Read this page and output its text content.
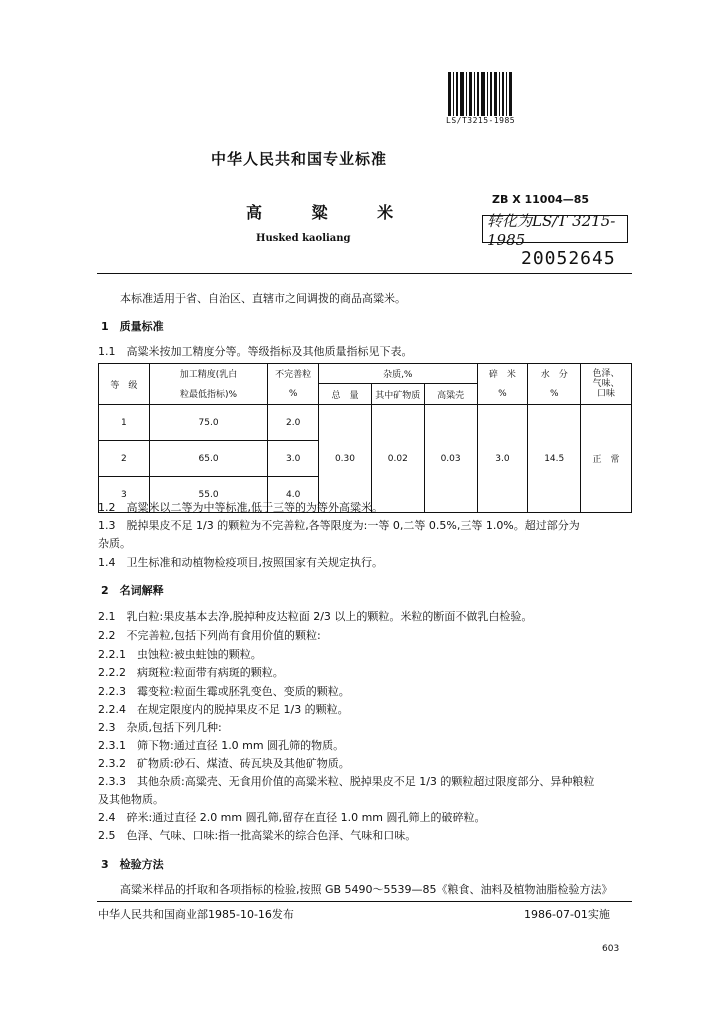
LS/T3215-1985
中华人民共和国专业标准
高 粱 米
Husked kaoliang
ZB X 11004—85
转化为LS/T 3215-1985
20052645
本标准适用于省、自治区、直辖市之间调拨的商品高粱米。
1　质量标准
1.1　高粱米按加工精度分等。等级指标及其他质量指标见下表。
等　级	加工精度(乳白	不完善粒	杂质,%			碎　米	水　分	色泽、
气味、
口味

	粒最低指标)%	%	总　量	其中矿物质	高粱壳	%	%	
1	75.0	2.0	0.30	0.02	0.03	3.0	14.5	正　常
2	65.0	3.0						
3	55.0	4.0						
1.2　高粱米以二等为中等标准,低于三等的为等外高粱米。
1.3　脱掉果皮不足 1/3 的颗粒为不完善粒,各等限度为:一等 0,二等 0.5%,三等 1.0%。超过部分为
杂质。
1.4　卫生标准和动植物检疫项目,按照国家有关规定执行。
2　名词解释
2.1　乳白粒:果皮基本去净,脱掉种皮达粒面 2/3 以上的颗粒。米粒的断面不做乳白检验。
2.2　不完善粒,包括下列尚有食用价值的颗粒:
2.2.1　虫蚀粒:被虫蛀蚀的颗粒。
2.2.2　病斑粒:粒面带有病斑的颗粒。
2.2.3　霉变粒:粒面生霉或胚乳变色、变质的颗粒。
2.2.4　在规定限度内的脱掉果皮不足 1/3 的颗粒。
2.3　杂质,包括下列几种:
2.3.1　筛下物:通过直径 1.0 mm 圆孔筛的物质。
2.3.2　矿物质:砂石、煤渣、砖瓦块及其他矿物质。
2.3.3　其他杂质:高粱壳、无食用价值的高粱米粒、脱掉果皮不足 1/3 的颗粒超过限度部分、异种粮粒
及其他物质。
2.4　碎米:通过直径 2.0 mm 圆孔筛,留存在直径 1.0 mm 圆孔筛上的破碎粒。
2.5　色泽、气味、口味:指一批高粱米的综合色泽、气味和口味。
3　检验方法
高粱米样品的扦取和各项指标的检验,按照 GB 5490～5539—85《粮食、油料及植物油脂检验方法》
中华人民共和国商业部1985-10-16发布	1986-07-01实施
603
